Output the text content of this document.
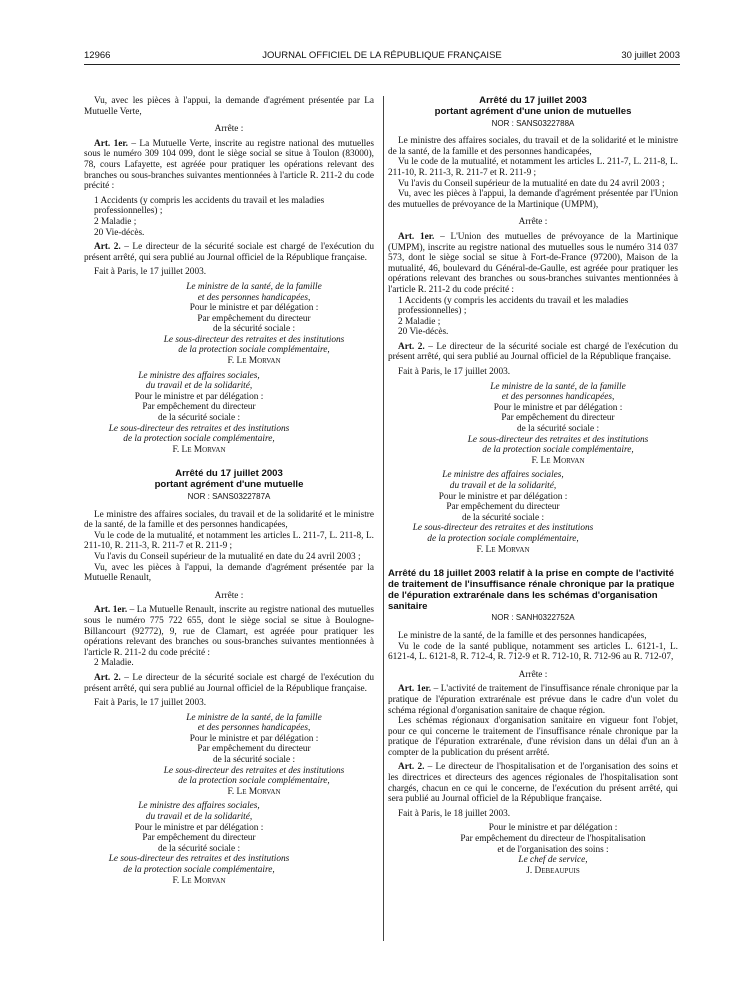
12966	JOURNAL OFFICIEL DE LA RÉPUBLIQUE FRANÇAISE	30 juillet 2003

Vu, avec les pièces à l'appui, la demande d'agrément présentée par La Mutuelle Verte,

Arrête :

Art. 1er. – La Mutuelle Verte, inscrite au registre national des mutuelles sous le numéro 309 104 099, dont le siège social se situe à Toulon (83000), 78, cours Lafayette, est agréée pour pratiquer les opérations relevant des branches ou sous-branches suivantes mentionnées à l'article R. 211-2 du code précité :

1 Accidents (y compris les accidents du travail et les maladies professionnelles) ;

2 Maladie ;

20 Vie-décès.

Art. 2. – Le directeur de la sécurité sociale est chargé de l'exécution du présent arrêté, qui sera publié au Journal officiel de la République française.

Fait à Paris, le 17 juillet 2003.

Le ministre de la santé, de la famille

et des personnes handicapées,

Pour le ministre et par délégation :

Par empêchement du directeur

de la sécurité sociale :

Le sous-directeur des retraites et des institutions

de la protection sociale complémentaire,

F. Le Morvan

Le ministre des affaires sociales,

du travail et de la solidarité,

Pour le ministre et par délégation :

Par empêchement du directeur

de la sécurité sociale :

Le sous-directeur des retraites et des institutions

de la protection sociale complémentaire,

F. Le Morvan

Arrêté du 17 juillet 2003

portant agrément d'une mutuelle

NOR : SANS0322787A

Le ministre des affaires sociales, du travail et de la solidarité et le ministre de la santé, de la famille et des personnes handicapées,

Vu le code de la mutualité, et notamment les articles L. 211-7, L. 211-8, L. 211-10, R. 211-3, R. 211-7 et R. 211-9 ;

Vu l'avis du Conseil supérieur de la mutualité en date du 24 avril 2003 ;

Vu, avec les pièces à l'appui, la demande d'agrément présentée par la Mutuelle Renault,

Arrête :

Art. 1er. – La Mutuelle Renault, inscrite au registre national des mutuelles sous le numéro 775 722 655, dont le siège social se situe à Boulogne-Billancourt (92772), 9, rue de Clamart, est agréée pour pratiquer les opérations relevant des branches ou sous-branches suivantes mentionnées à l'article R. 211-2 du code précité :

2 Maladie.

Art. 2. – Le directeur de la sécurité sociale est chargé de l'exécution du présent arrêté, qui sera publié au Journal officiel de la République française.

Fait à Paris, le 17 juillet 2003.

Le ministre de la santé, de la famille

et des personnes handicapées,

Pour le ministre et par délégation :

Par empêchement du directeur

de la sécurité sociale :

Le sous-directeur des retraites et des institutions

de la protection sociale complémentaire,

F. Le Morvan

Le ministre des affaires sociales,

du travail et de la solidarité,

Pour le ministre et par délégation :

Par empêchement du directeur

de la sécurité sociale :

Le sous-directeur des retraites et des institutions

de la protection sociale complémentaire,

F. Le Morvan

Arrêté du 17 juillet 2003

portant agrément d'une union de mutuelles

NOR : SANS0322788A

Le ministre des affaires sociales, du travail et de la solidarité et le ministre de la santé, de la famille et des personnes handicapées,

Vu le code de la mutualité, et notamment les articles L. 211-7, L. 211-8, L. 211-10, R. 211-3, R. 211-7 et R. 211-9 ;

Vu l'avis du Conseil supérieur de la mutualité en date du 24 avril 2003 ;

Vu, avec les pièces à l'appui, la demande d'agrément présentée par l'Union des mutuelles de prévoyance de la Martinique (UMPM),

Arrête :

Art. 1er. – L'Union des mutuelles de prévoyance de la Martinique (UMPM), inscrite au registre national des mutuelles sous le numéro 314 037 573, dont le siège social se situe à Fort-de-France (97200), Maison de la mutualité, 46, boulevard du Général-de-Gaulle, est agréée pour pratiquer les opérations relevant des branches ou sous-branches suivantes mentionnées à l'article R. 211-2 du code précité :

1 Accidents (y compris les accidents du travail et les maladies professionnelles) ;

2 Maladie ;

20 Vie-décès.

Art. 2. – Le directeur de la sécurité sociale est chargé de l'exécution du présent arrêté, qui sera publié au Journal officiel de la République française.

Fait à Paris, le 17 juillet 2003.

Le ministre de la santé, de la famille

et des personnes handicapées,

Pour le ministre et par délégation :

Par empêchement du directeur

de la sécurité sociale :

Le sous-directeur des retraites et des institutions

de la protection sociale complémentaire,

F. Le Morvan

Le ministre des affaires sociales,

du travail et de la solidarité,

Pour le ministre et par délégation :

Par empêchement du directeur

de la sécurité sociale :

Le sous-directeur des retraites et des institutions

de la protection sociale complémentaire,

F. Le Morvan

Arrêté du 18 juillet 2003 relatif à la prise en compte de l'activité de traitement de l'insuffisance rénale chronique par la pratique de l'épuration extrarénale dans les schémas d'organisation sanitaire

NOR : SANH0322752A

Le ministre de la santé, de la famille et des personnes handicapées,

Vu le code de la santé publique, notamment ses articles L. 6121-1, L. 6121-4, L. 6121-8, R. 712-4, R. 712-9 et R. 712-10, R. 712-96 au R. 712-07,

Arrête :

Art. 1er. – L'activité de traitement de l'insuffisance rénale chronique par la pratique de l'épuration extrarénale est prévue dans le cadre d'un volet du schéma régional d'organisation sanitaire de chaque région.

Les schémas régionaux d'organisation sanitaire en vigueur font l'objet, pour ce qui concerne le traitement de l'insuffisance rénale chronique par la pratique de l'épuration extrarénale, d'une révision dans un délai d'un an à compter de la publication du présent arrêté.

Art. 2. – Le directeur de l'hospitalisation et de l'organisation des soins et les directrices et directeurs des agences régionales de l'hospitalisation sont chargés, chacun en ce qui le concerne, de l'exécution du présent arrêté, qui sera publié au Journal officiel de la République française.

Fait à Paris, le 18 juillet 2003.

Pour le ministre et par délégation :

Par empêchement du directeur de l'hospitalisation

et de l'organisation des soins :

Le chef de service,

J. Debeaupuis
